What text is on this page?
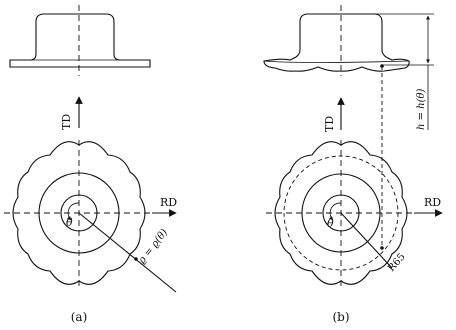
TD
RD
θ
ϱ = ϱ(θ)
(a)
h = h(θ)
TD
RD
θ
R65
(b)
